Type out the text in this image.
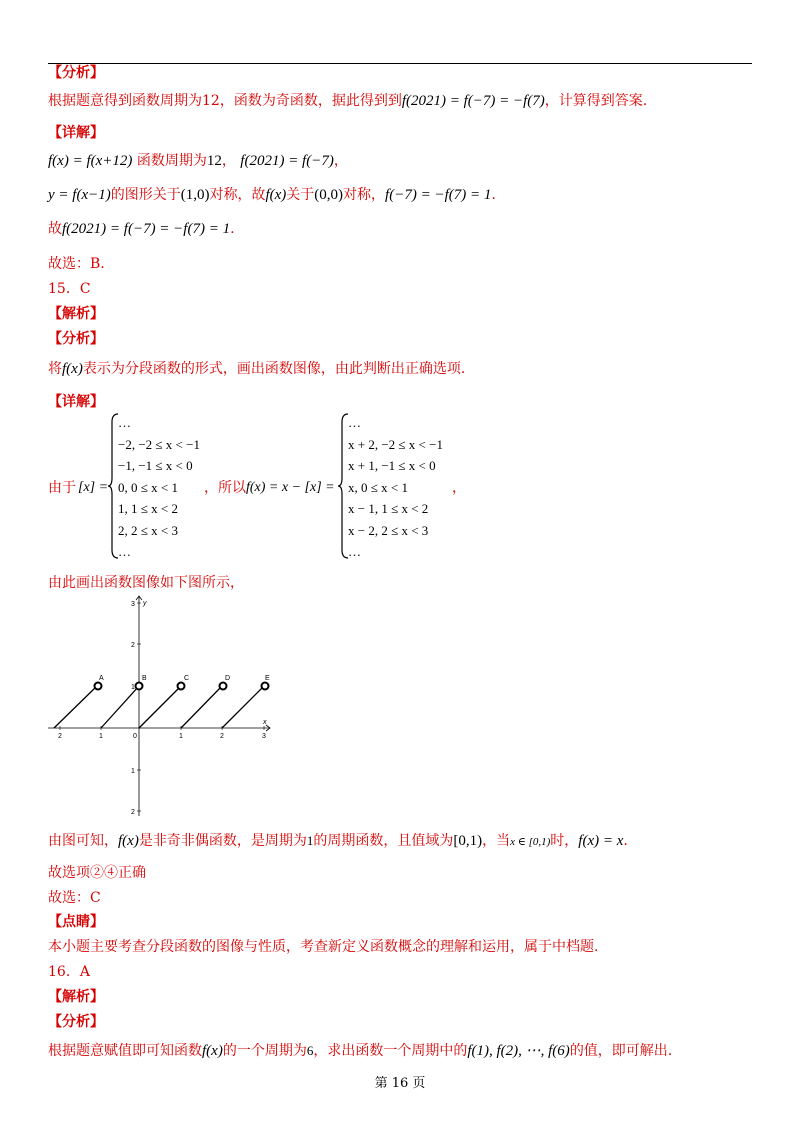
【分析】
根据题意得到函数周期为12，函数为奇函数，据此得到到f(2021) = f(−7) = −f(7)，计算得到答案.
【详解】
f(x) = f(x+12) 函数周期为12， f(2021) = f(−7)，
y = f(x−1)的图形关于(1,0)对称，故f(x)关于(0,0)对称，f(−7) = −f(7) = 1.
故f(2021) = f(−7) = −f(7) = 1.
故选：B.
15．C
【解析】
【分析】
将f(x)表示为分段函数的形式，画出函数图像，由此判断出正确选项.
【详解】
由于 [x] =
…
−2, −2 ≤ x < −1
−1, −1 ≤ x < 0
0, 0 ≤ x < 1
1, 1 ≤ x < 2
2, 2 ≤ x < 3
…
，所以 f(x) = x − [x] =
…
x + 2, −2 ≤ x < −1
x + 1, −1 ≤ x < 0
x, 0 ≤ x < 1
x − 1, 1 ≤ x < 2
x − 2, 2 ≤ x < 3
…
，
由此画出函数图像如下图所示，
2	1	0	1	2	3
3
2
1
1
2
x
y
A	B	C	D	E
由图可知，f(x)是非奇非偶函数，是周期为1的周期函数，且值域为[0,1)，当x ∈ [0,1)时，f(x) = x.
故选项②④正确
故选：C
【点睛】
本小题主要考查分段函数的图像与性质，考查新定义函数概念的理解和运用，属于中档题.
16．A
【解析】
【分析】
根据题意赋值即可知函数f(x)的一个周期为6，求出函数一个周期中的f(1), f(2), ⋯, f(6)的值，即可解出.
第 16 页
